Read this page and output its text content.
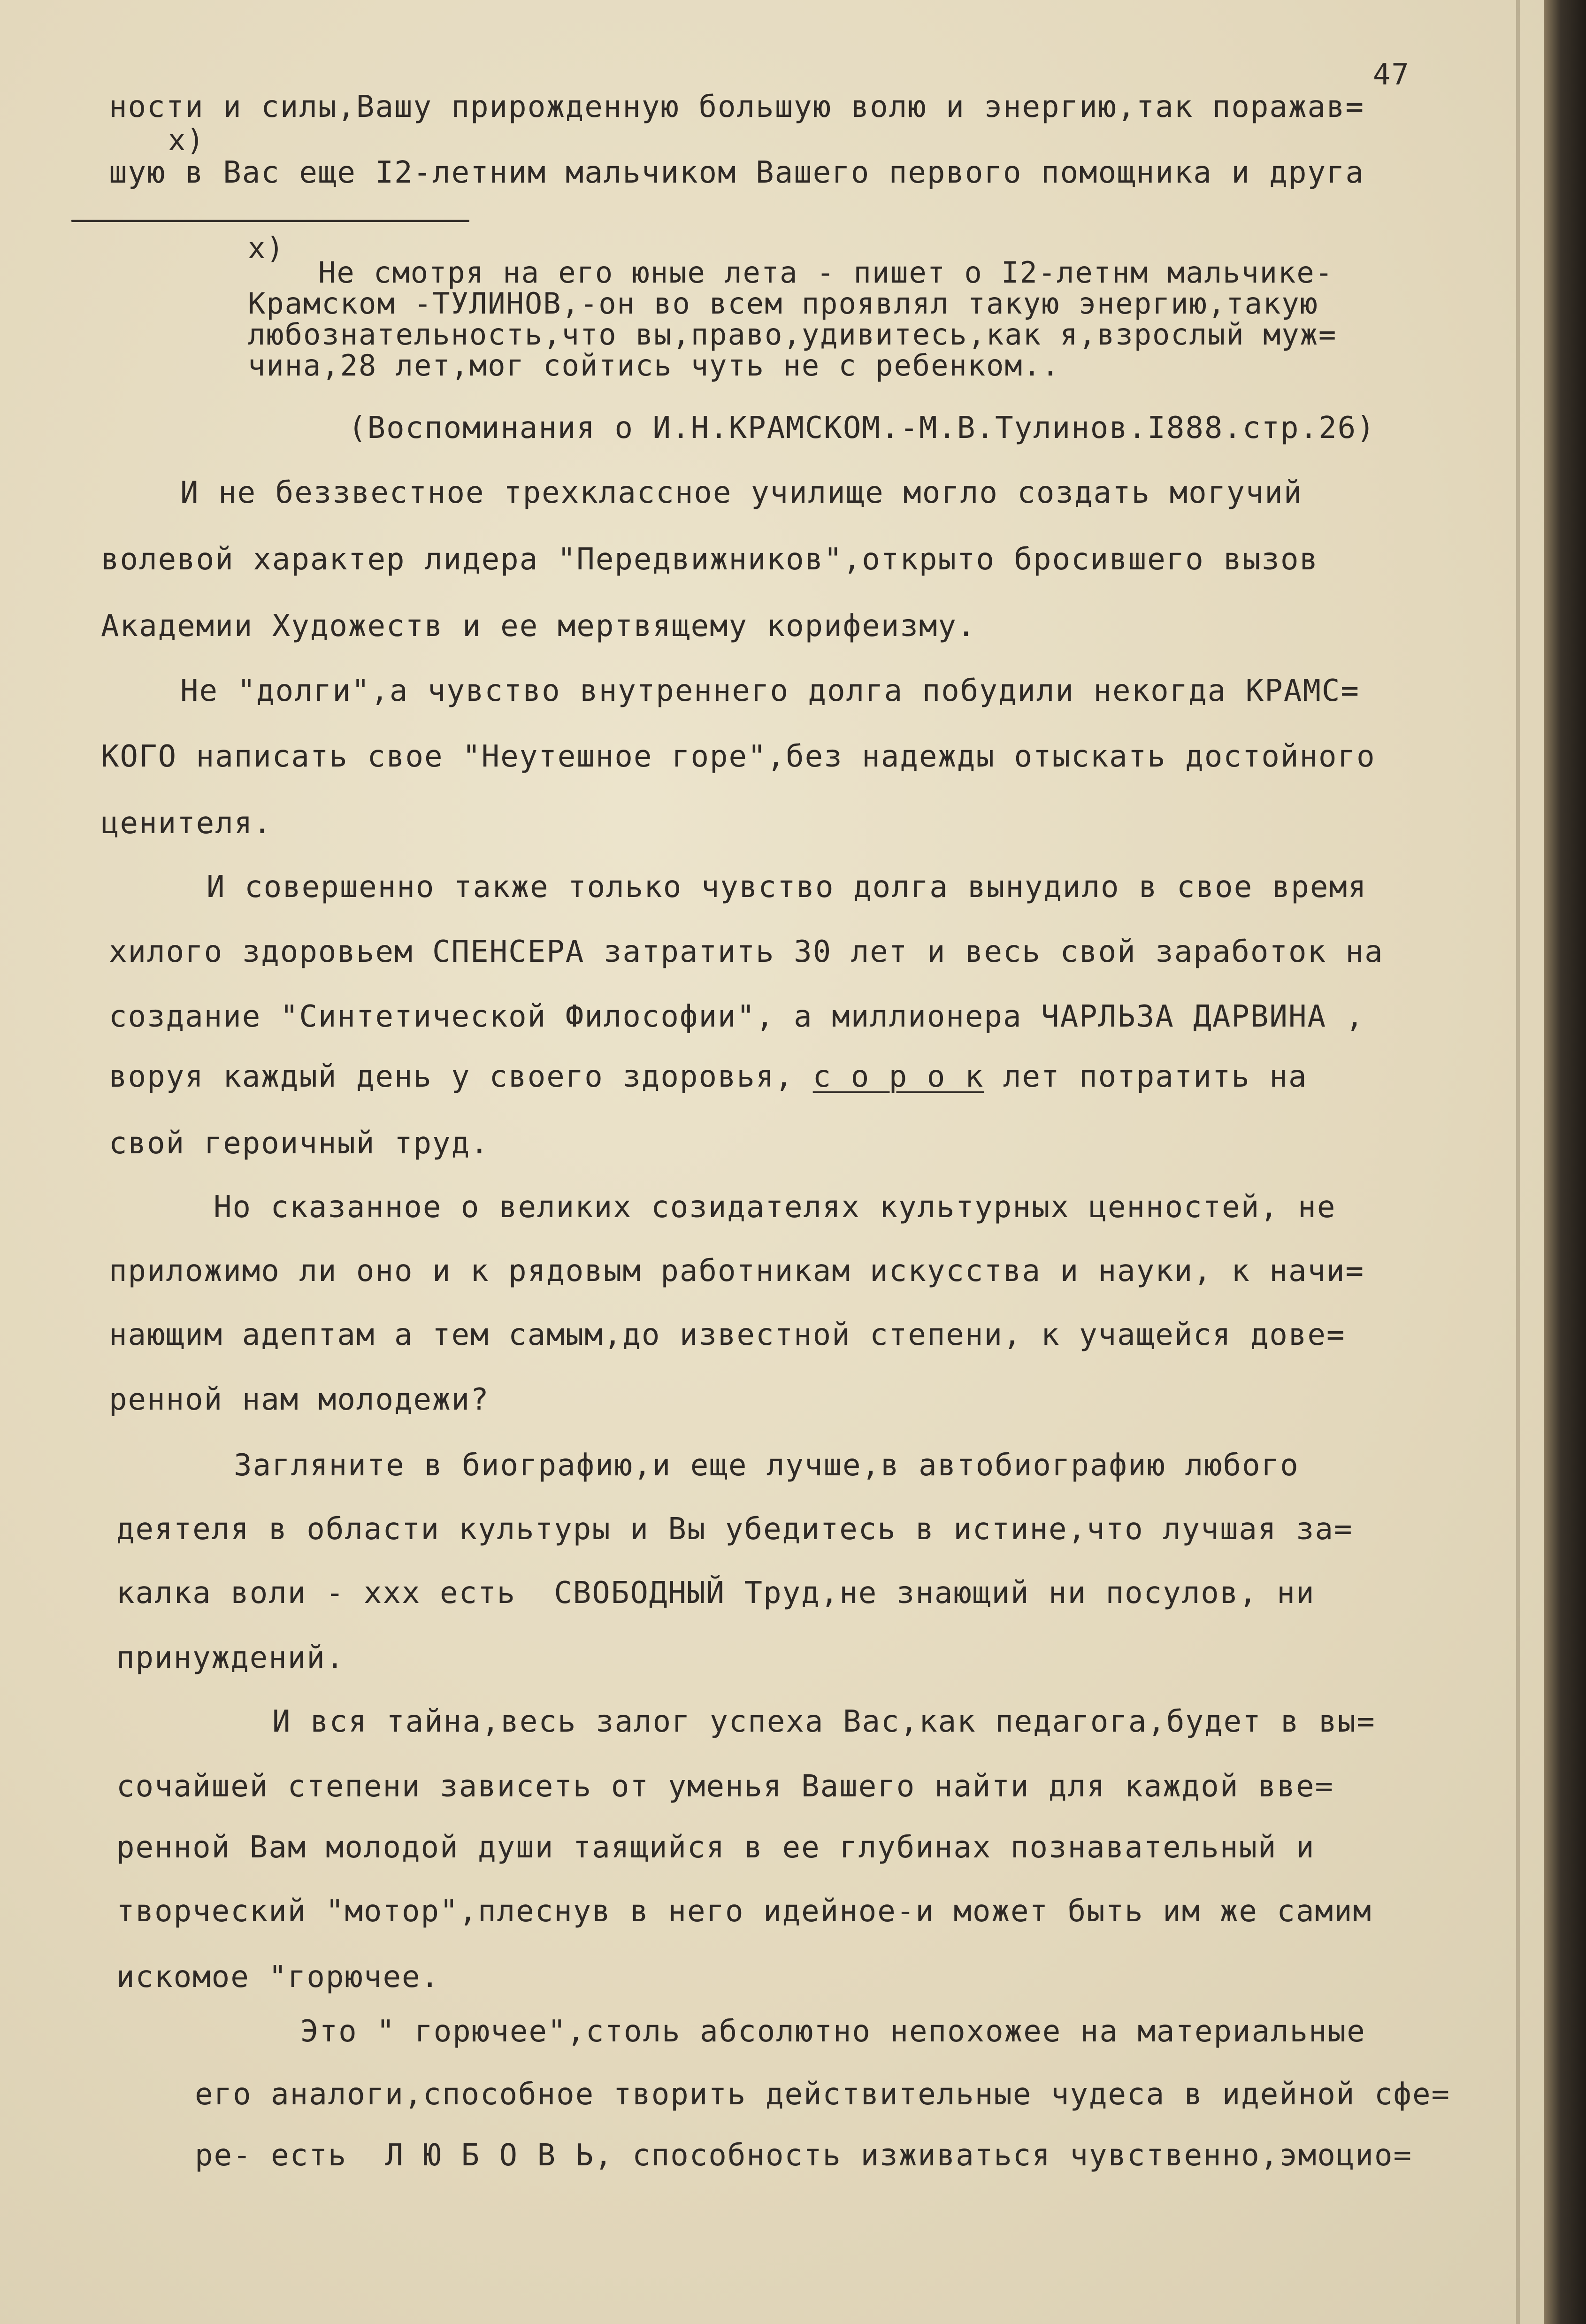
47
ности и силы,Вашу прирожденную большую волю и энергию,так поражав=
х)
шую в Вас еще I2-летним мальчиком Вашего первого помощника и друга
х)
Не смотря на его юные лета - пишет о I2-летнм мальчике-
Крамском -ТУЛИНОВ,-он во всем проявлял такую энергию,такую
любознательность,что вы,право,удивитесь,как я,взрослый муж=
чина,28 лет,мог сойтись чуть не с ребенком..
(Воспоминания о И.Н.КРАМСКОМ.-М.В.Тулинов.I888.стр.26)
И не беззвестное трехклассное училище могло создать могучий
волевой характер лидера "Передвижников",открыто бросившего вызов
Академии Художеств и ее мертвящему корифеизму.
Не "долги",а чувство внутреннего долга побудили некогда КРАМС=
КОГО написать свое "Неутешное горе",без надежды отыскать достойного
ценителя.
И совершенно также только чувство долга вынудило в свое время
хилого здоровьем СПЕНСЕРА затратить 30 лет и весь свой заработок на
создание "Синтетической Философии", а миллионера ЧАРЛЬЗА ДАРВИНА ,
воруя каждый день у своего здоровья, с о р о к лет потратить на
свой героичный труд.
Но сказанное о великих созидателях культурных ценностей, не
приложимо ли оно и к рядовым работникам искусства и науки, к начи=
нающим адептам а тем самым,до известной степени, к учащейся дове=
ренной нам молодежи?
Загляните в биографию,и еще лучше,в автобиографию любого
деятеля в области культуры и Вы убедитесь в истине,что лучшая за=
калка воли - ххх есть  СВОБОДНЫЙ Труд,не знающий ни посулов, ни
принуждений.
И вся тайна,весь залог успеха Вас,как педагога,будет в вы=
сочайшей степени зависеть от уменья Вашего найти для каждой вве=
ренной Вам молодой души таящийся в ее глубинах познавательный и
творческий "мотор",плеснув в него идейное-и может быть им же самим
искомое "горючее.
Это " горючее",столь абсолютно непохожее на материальные
его аналоги,способное творить действительные чудеса в идейной сфе=
ре- есть  Л Ю Б О В Ь, способность изживаться чувственно,эмоцио=
